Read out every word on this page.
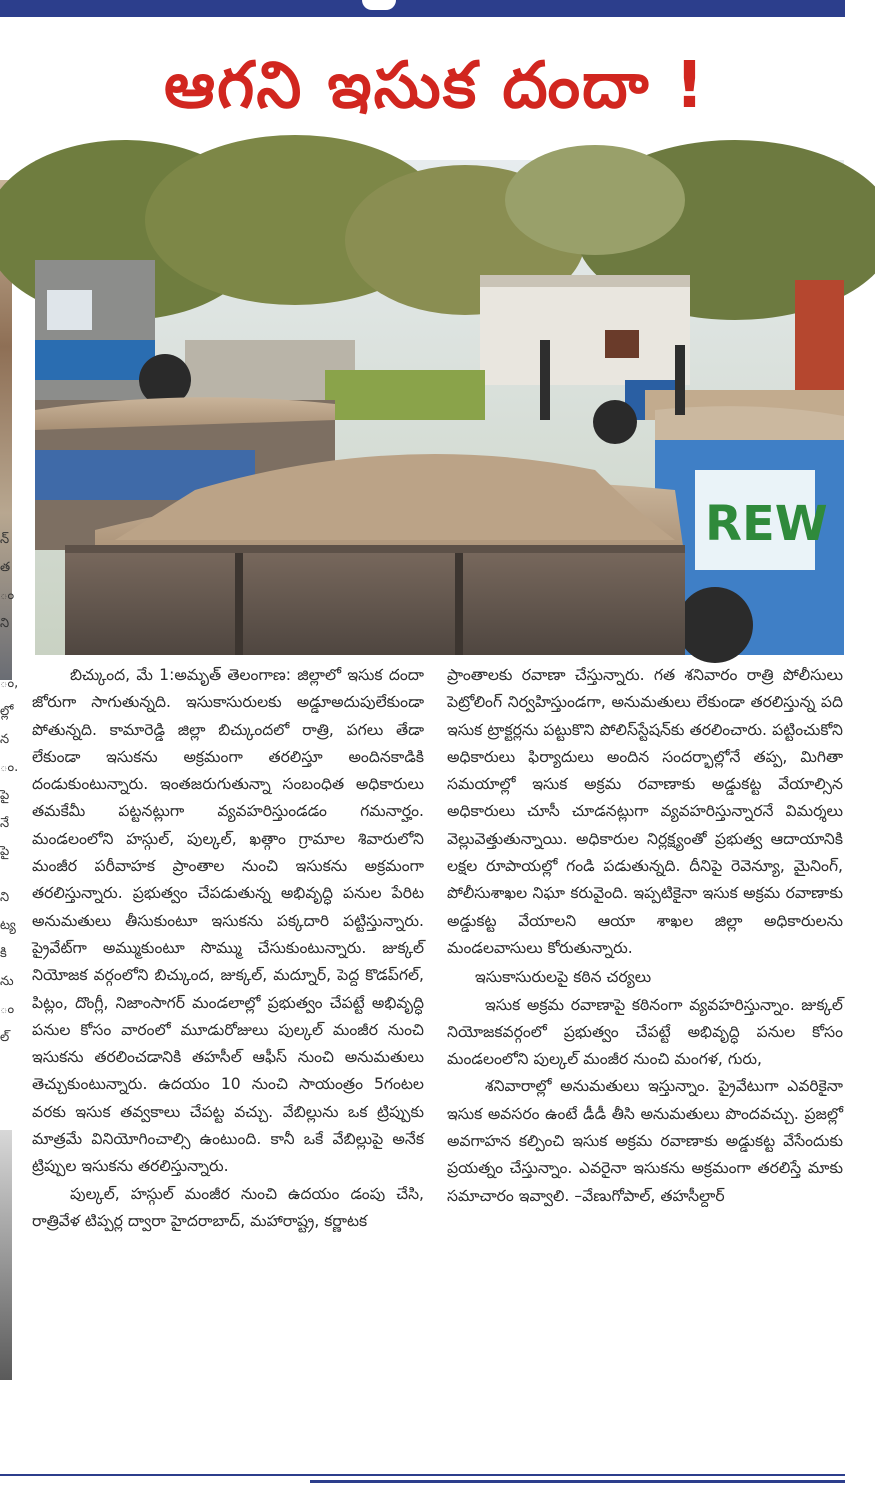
ఆగని ఇసుక దందా !
న్
త
ం
ని
ం,
ల్లో
న
ం.
పై
నే
పై
ని
ట్య
కి
ను
ం
ల్
REW

బిచ్కుంద, మే 1:అమృత్ తెలంగాణ: జిల్లాలో ఇసుక దందా జోరుగా సాగుతున్నది. ఇసుకాసురులకు అడ్డూఅదుపులేకుండా పోతున్నది. కామారెడ్డి జిల్లా బిచ్కుందలో రాత్రి, పగలు తేడా లేకుండా ఇసుకను అక్రమంగా తరలిస్తూ అందినకాడికి దండుకుంటున్నారు. ఇంతజరుగుతున్నా సంబంధిత అధికారులు తమకేమీ పట్టనట్లుగా వ్యవహరిస్తుండడం గమనార్హం. మండలంలోని హస్గుల్, పుల్కల్, ఖత్గాం గ్రామాల శివారులోని మంజీర పరీవాహక ప్రాంతాల నుంచి ఇసుకను అక్రమంగా తరలిస్తున్నారు. ప్రభుత్వం చేపడుతున్న అభివృద్ధి పనుల పేరిట అనుమతులు తీసుకుంటూ ఇసుకను పక్కదారి పట్టిస్తున్నారు. ప్రైవేట్‌గా అమ్ముకుంటూ సొమ్ము చేసుకుంటున్నారు. జుక్కల్ నియోజక వర్గంలోని బిచ్కుంద, జుక్కల్, మద్నూర్, పెద్ద కొడప్‌గల్, పిట్లం, దొంగ్లీ, నిజాంసాగర్ మండలాల్లో ప్రభుత్వం చేపట్టే అభివృద్ధి పనుల కోసం వారంలో మూడురోజులు పుల్కల్ మంజీర నుంచి ఇసుకను తరలించడానికి తహసీల్ ఆఫీస్ నుంచి అనుమతులు తెచ్చుకుంటున్నారు. ఉదయం 10 నుంచి సాయంత్రం 5గంటల వరకు ఇసుక తవ్వకాలు చేపట్ట వచ్చు. వేబిల్లును ఒక ట్రిప్పుకు మాత్రమే వినియోగించాల్సి ఉంటుంది. కానీ ఒకే వేబిల్లుపై అనేక ట్రిప్పుల ఇసుకను తరలిస్తున్నారు.

పుల్కల్, హస్గుల్ మంజీర నుంచి ఉదయం డంపు చేసి, రాత్రివేళ టిప్పర్ల ద్వారా హైదరాబాద్, మహారాష్ట్ర, కర్ణాటక

ప్రాంతాలకు రవాణా చేస్తున్నారు. గత శనివారం రాత్రి పోలీసులు పెట్రోలింగ్ నిర్వహిస్తుండగా, అనుమతులు లేకుండా తరలిస్తున్న పది ఇసుక ట్రాక్టర్లను పట్టుకొని పోలిస్‌స్టేషన్‌కు తరలించారు. పట్టించుకోని అధికారులు ఫిర్యాదులు అందిన సందర్భాల్లోనే తప్ప, మిగితా సమయాల్లో ఇసుక అక్రమ రవాణాకు అడ్డుకట్ట వేయాల్సిన అధికారులు చూసీ చూడనట్లుగా వ్యవహరిస్తున్నారనే విమర్శలు వెల్లువెత్తుతున్నాయి. అధికారుల నిర్లక్ష్యంతో ప్రభుత్వ ఆదాయానికి లక్షల రూపాయల్లో గండి పడుతున్నది. దీనిపై రెవెన్యూ, మైనింగ్, పోలీసుశాఖల నిఘా కరువైంది. ఇప్పటికైనా ఇసుక అక్రమ రవాణాకు అడ్డుకట్ట వేయాలని ఆయా శాఖల జిల్లా అధికారులను మండలవాసులు కోరుతున్నారు.

ఇసుకాసురులపై కఠిన చర్యలు

ఇసుక అక్రమ రవాణాపై కఠినంగా వ్యవహరిస్తున్నాం. జుక్కల్ నియోజకవర్గంలో ప్రభుత్వం చేపట్టే అభివృద్ధి పనుల కోసం మండలంలోని పుల్కల్ మంజీర నుంచి మంగళ, గురు,

శనివారాల్లో అనుమతులు ఇస్తున్నాం. ప్రైవేటుగా ఎవరికైనా ఇసుక అవసరం ఉంటే డీడీ తీసి అనుమతులు పొందవచ్చు. ప్రజల్లో అవగాహన కల్పించి ఇసుక అక్రమ రవాణాకు అడ్డుకట్ట వేసేందుకు ప్రయత్నం చేస్తున్నాం. ఎవరైనా ఇసుకను అక్రమంగా తరలిస్తే మాకు సమాచారం ఇవ్వాలి. –వేణుగోపాల్, తహసీల్దార్
